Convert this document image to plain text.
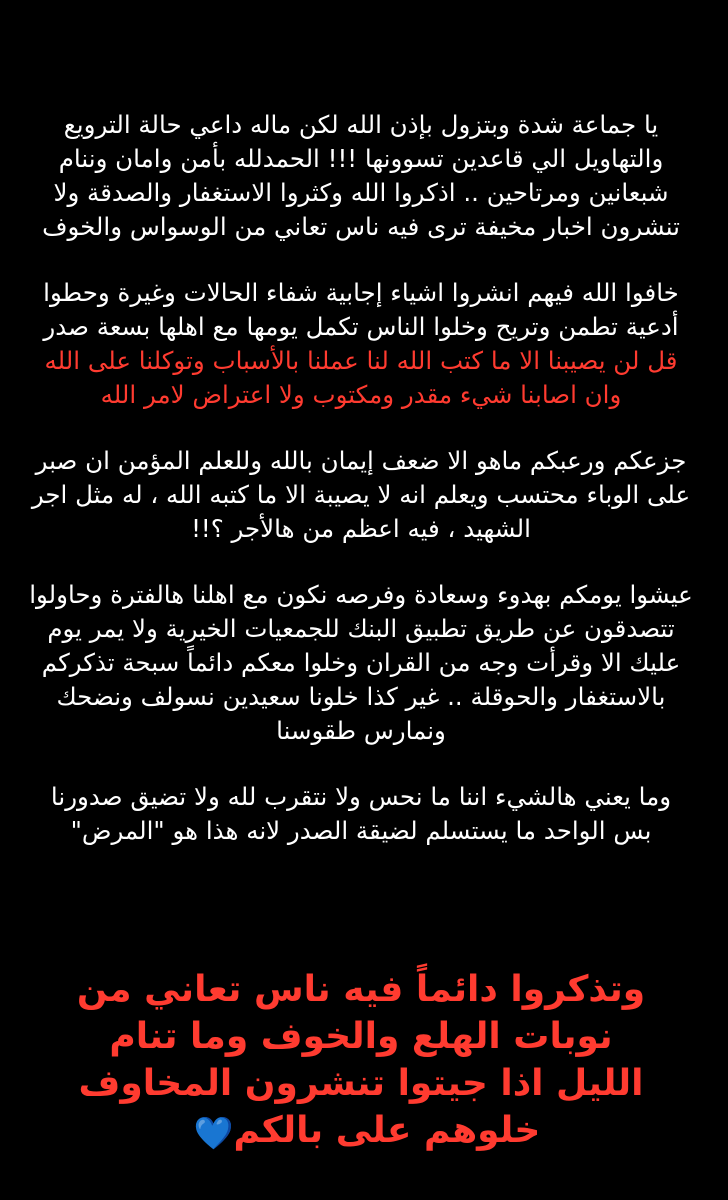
يا جماعة شدة وبتزول بإذن الله لكن ماله داعي حالة الترويع
والتهاويل الي قاعدين تسوونها !!! الحمدلله بأمن وامان وننام
شبعانين ومرتاحين .. اذكروا الله وكثروا الاستغفار والصدقة ولا
تنشرون اخبار مخيفة ترى فيه ناس تعاني من الوسواس والخوف

خافوا الله فيهم انشروا اشياء إجابية شفاء الحالات وغيرة وحطوا
أدعية تطمن وتريح وخلوا الناس تكمل يومها مع اهلها بسعة صدر
قل لن يصيبنا الا ما كتب الله لنا عملنا بالأسباب وتوكلنا على الله
وان اصابنا شيء مقدر ومكتوب ولا اعتراض لامر الله

جزعكم ورعبكم ماهو الا ضعف إيمان بالله وللعلم المؤمن ان صبر
على الوباء محتسب ويعلم انه لا يصيبة الا ما كتبه الله ، له مثل اجر
الشهيد ، فيه اعظم من هالأجر ؟!!

عيشوا يومكم بهدوء وسعادة وفرصه نكون مع اهلنا هالفترة وحاولوا
تتصدقون عن طريق تطبيق البنك للجمعيات الخيرية ولا يمر يوم
عليك الا وقرأت وجه من القران وخلوا معكم دائماً سبحة تذكركم
بالاستغفار والحوقلة .. غير كذا خلونا سعيدين نسولف ونضحك
ونمارس طقوسنا

وما يعني هالشيء اننا ما نحس ولا نتقرب لله ولا تضيق صدورنا
بس الواحد ما يستسلم لضيقة الصدر لانه هذا هو "المرض"

وتذكروا دائماً فيه ناس تعاني من
نوبات الهلع والخوف وما تنام
الليل اذا جيتوا تنشرون المخاوف
خلوهم على بالكم💙
